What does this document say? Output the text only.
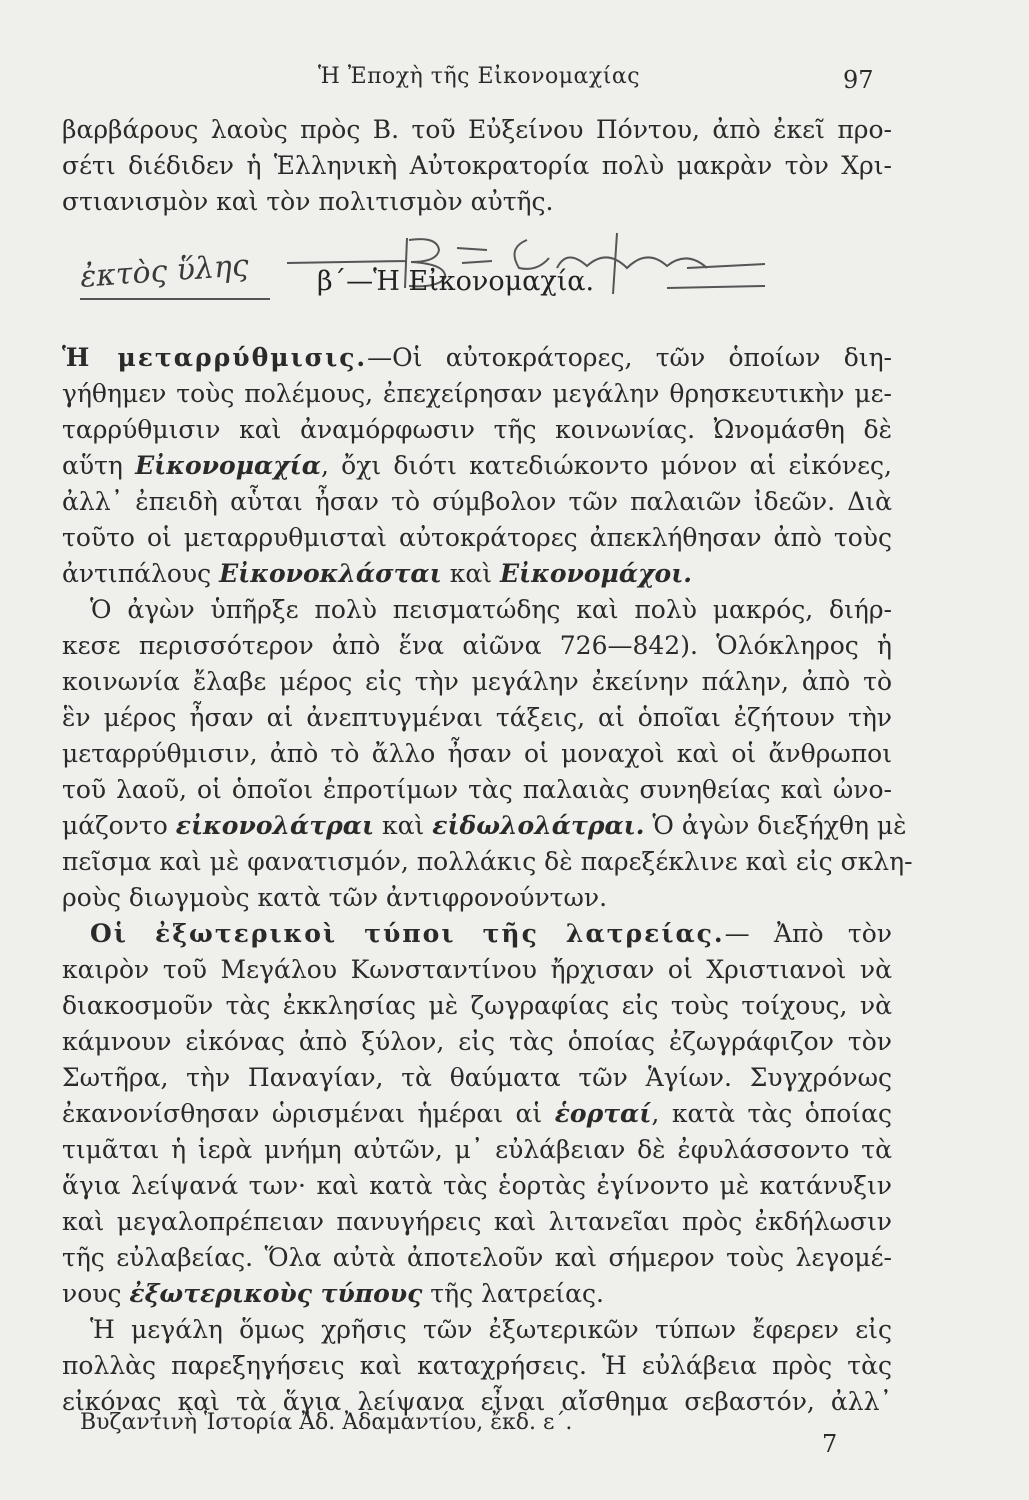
Ἡ Ἐποχὴ τῆς Εἰκονομαχίας	97
βαρβάρους λαοὺς πρὸς Β. τοῦ Εὐξείνου Πόντου, ἀπὸ ἐκεῖ προ-
σέτι διέδιδεν ἡ Ἑλληνικὴ Αὐτοκρατορία πολὺ μακρὰν τὸν Χρι-
στιανισμὸν καὶ τὸν πολιτισμὸν αὐτῆς.
ἐκτὸς ὕλης β΄—Ἡ Εἰκονομαχία.
Ἡ μεταρρύθμισις.—Οἱ αὐτοκράτορες, τῶν ὁποίων διη-
γήθημεν τοὺς πολέμους, ἐπεχείρησαν μεγάλην θρησκευτικὴν με-
ταρρύθμισιν καὶ ἀναμόρφωσιν τῆς κοινωνίας. Ὠνομάσθη δὲ
αὕτη Εἰκονομαχία, ὄχι διότι κατεδιώκοντο μόνον αἱ εἰκόνες,
ἀλλ᾽ ἐπειδὴ αὗται ἦσαν τὸ σύμβολον τῶν παλαιῶν ἰδεῶν. Διὰ
τοῦτο οἱ μεταρρυθμισταὶ αὐτοκράτορες ἀπεκλήθησαν ἀπὸ τοὺς
ἀντιπάλους Εἰκονοκλάσται καὶ Εἰκονομάχοι.
Ὁ ἀγὼν ὑπῆρξε πολὺ πεισματώδης καὶ πολὺ μακρός, διήρ-
κεσε περισσότερον ἀπὸ ἕνα αἰῶνα 726—842). Ὁλόκληρος ἡ
κοινωνία ἔλαβε μέρος εἰς τὴν μεγάλην ἐκείνην πάλην, ἀπὸ τὸ
ἓν μέρος ἦσαν αἱ ἀνεπτυγμέναι τάξεις, αἱ ὁποῖαι ἐζήτουν τὴν
μεταρρύθμισιν, ἀπὸ τὸ ἄλλο ἦσαν οἱ μοναχοὶ καὶ οἱ ἄνθρωποι
τοῦ λαοῦ, οἱ ὁποῖοι ἐπροτίμων τὰς παλαιὰς συνηθείας καὶ ὠνο-
μάζοντο εἰκονολάτραι καὶ εἰδωλολάτραι. Ὁ ἀγὼν διεξήχθη μὲ
πεῖσμα καὶ μὲ φανατισμόν, πολλάκις δὲ παρεξέκλινε καὶ εἰς σκλη-
ροὺς διωγμοὺς κατὰ τῶν ἀντιφρονούντων.
Οἱ ἐξωτερικοὶ τύποι τῆς λατρείας.— Ἀπὸ τὸν
καιρὸν τοῦ Μεγάλου Κωνσταντίνου ἤρχισαν οἱ Χριστιανοὶ νὰ
διακοσμοῦν τὰς ἐκκλησίας μὲ ζωγραφίας εἰς τοὺς τοίχους, νὰ
κάμνουν εἰκόνας ἀπὸ ξύλον, εἰς τὰς ὁποίας ἐζωγράφιζον τὸν
Σωτῆρα, τὴν Παναγίαν, τὰ θαύματα τῶν Ἁγίων. Συγχρόνως
ἐκανονίσθησαν ὡρισμέναι ἡμέραι αἱ ἑορταί, κατὰ τὰς ὁποίας
τιμᾶται ἡ ἱερὰ μνήμη αὐτῶν, μ᾽ εὐλάβειαν δὲ ἐφυλάσσοντο τὰ
ἅγια λείψανά των· καὶ κατὰ τὰς ἑορτὰς ἐγίνοντο μὲ κατάνυξιν
καὶ μεγαλοπρέπειαν πανυγήρεις καὶ λιτανεῖαι πρὸς ἐκδήλωσιν
τῆς εὐλαβείας. Ὅλα αὐτὰ ἀποτελοῦν καὶ σήμερον τοὺς λεγομέ-
νους ἐξωτερικοὺς τύπους τῆς λατρείας.
Ἡ μεγάλη ὅμως χρῆσις τῶν ἐξωτερικῶν τύπων ἔφερεν εἰς
πολλὰς παρεξηγήσεις καὶ καταχρήσεις. Ἡ εὐλάβεια πρὸς τὰς
εἰκόνας καὶ τὰ ἅγια λείψανα εἶναι αἴσθημα σεβαστόν, ἀλλ᾽
Βυζαντινὴ Ἱστορία Ἀδ. Ἀδαμαντίου, ἔκδ. ε΄.
7
